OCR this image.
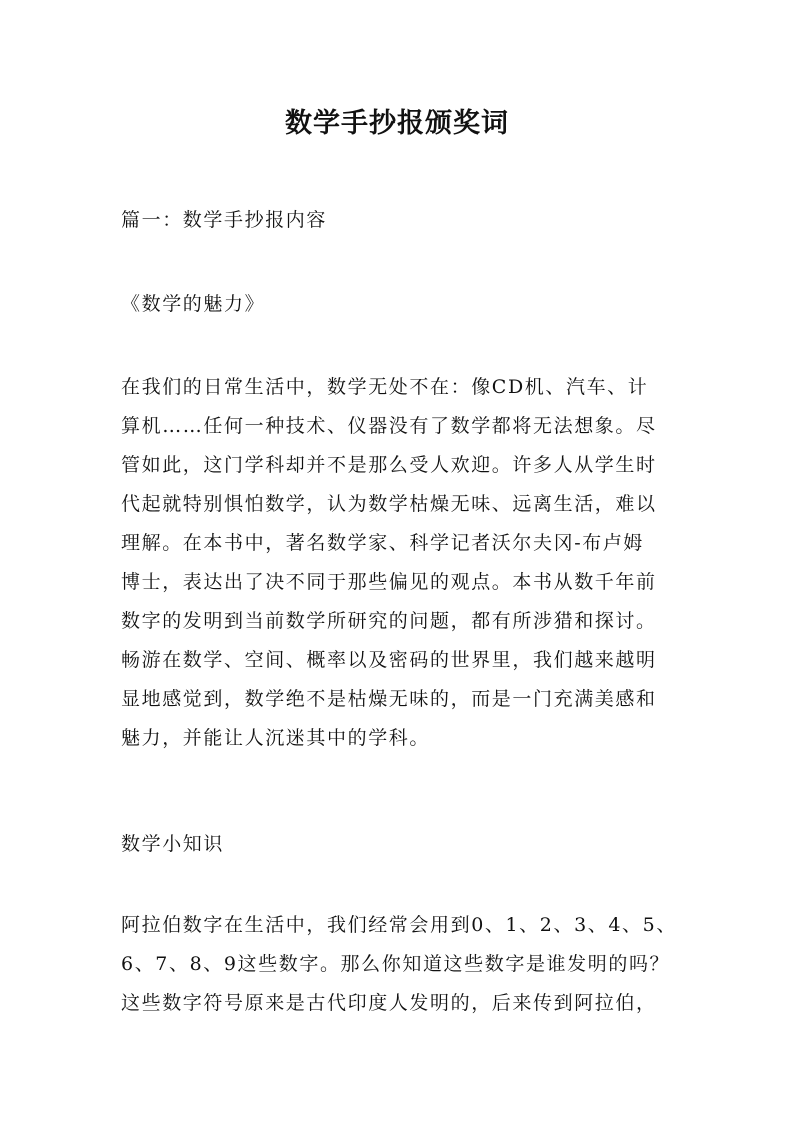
数学手抄报颁奖词
篇一：数学手抄报内容
《数学的魅力》

在我们的日常生活中，数学无处不在：像CD机、汽车、计

算机……任何一种技术、仪器没有了数学都将无法想象。尽

管如此，这门学科却并不是那么受人欢迎。许多人从学生时

代起就特别惧怕数学，认为数学枯燥无味、远离生活，难以

理解。在本书中，著名数学家、科学记者沃尔夫冈-布卢姆

博士，表达出了决不同于那些偏见的观点。本书从数千年前

数字的发明到当前数学所研究的问题，都有所涉猎和探讨。

畅游在数学、空间、概率以及密码的世界里，我们越来越明

显地感觉到，数学绝不是枯燥无味的，而是一门充满美感和

魅力，并能让人沉迷其中的学科。

数学小知识

阿拉伯数字在生活中，我们经常会用到0、1、2、3、4、5、

6、7、8、9这些数字。那么你知道这些数字是谁发明的吗？

这些数字符号原来是古代印度人发明的，后来传到阿拉伯，
